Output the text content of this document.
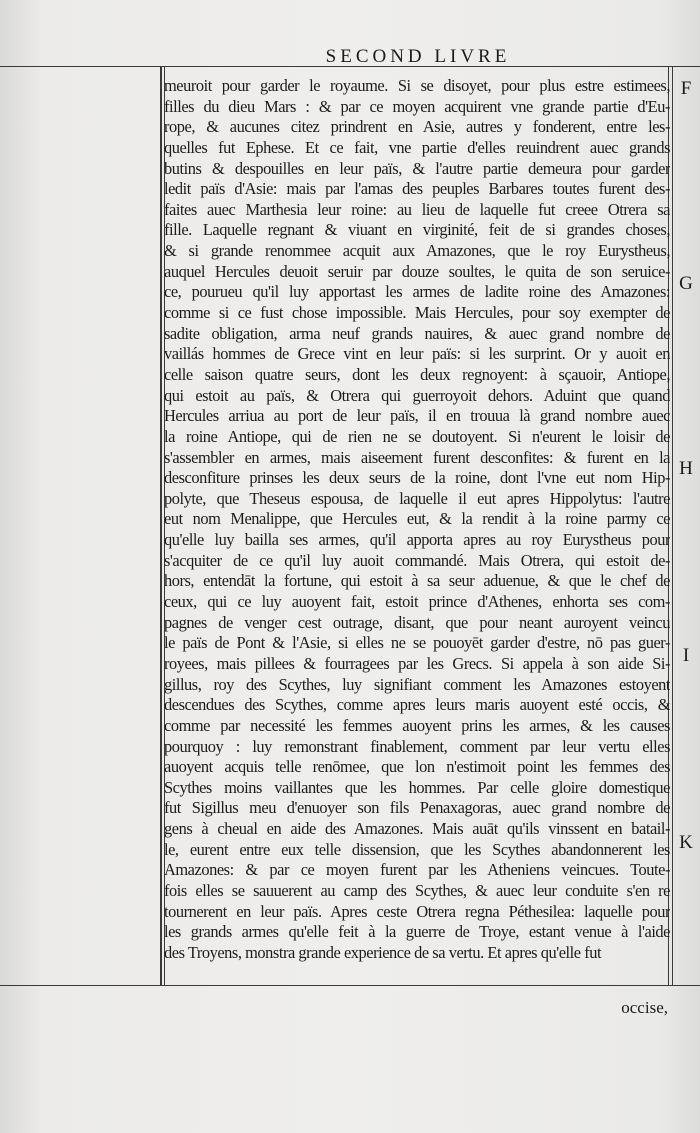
SECOND LIVRE
meuroit pour garder le royaume. Si se disoyet, pour plus estre estimees,
filles du dieu Mars : & par ce moyen acquirent vne grande partie d'Eu-
rope, & aucunes citez prindrent en Asie, autres y fonderent, entre les-
quelles fut Ephese. Et ce fait, vne partie d'elles reuindrent auec grands
butins & despouilles en leur païs, & l'autre partie demeura pour garder
ledit païs d'Asie: mais par l'amas des peuples Barbares toutes furent des-
faites auec Marthesia leur roine: au lieu de laquelle fut creee Otrera sa
fille. Laquelle regnant & viuant en virginité, feit de si grandes choses,
& si grande renommee acquit aux Amazones, que le roy Eurystheus,
auquel Hercules deuoit seruir par douze soultes, le quita de son seruice-
ce, pourueu qu'il luy apportast les armes de ladite roine des Amazones:
comme si ce fust chose impossible. Mais Hercules, pour soy exempter de
sadite obligation, arma neuf grands nauires, & auec grand nombre de
vaillás hommes de Grece vint en leur païs: si les surprint. Or y auoit en
celle saison quatre seurs, dont les deux regnoyent: à sçauoir, Antiope,
qui estoit au païs, & Otrera qui guerroyoit dehors. Aduint que quand
Hercules arriua au port de leur païs, il en trouua là grand nombre auec
la roine Antiope, qui de rien ne se doutoyent. Si n'eurent le loisir de
s'assembler en armes, mais aiseement furent desconfites: & furent en la
desconfiture prinses les deux seurs de la roine, dont l'vne eut nom Hip-
polyte, que Theseus espousa, de laquelle il eut apres Hippolytus: l'autre
eut nom Menalippe, que Hercules eut, & la rendit à la roine parmy ce
qu'elle luy bailla ses armes, qu'il apporta apres au roy Eurystheus pour
s'acquiter de ce qu'il luy auoit commandé. Mais Otrera, qui estoit de-
hors, entendāt la fortune, qui estoit à sa seur aduenue, & que le chef de
ceux, qui ce luy auoyent fait, estoit prince d'Athenes, enhorta ses com-
pagnes de venger cest outrage, disant, que pour neant auroyent veincu
le païs de Pont & l'Asie, si elles ne se pouoyēt garder d'estre, nō pas guer-
royees, mais pillees & fourragees par les Grecs. Si appela à son aide Si-
gillus, roy des Scythes, luy signifiant comment les Amazones estoyent
descendues des Scythes, comme apres leurs maris auoyent esté occis, &
comme par necessité les femmes auoyent prins les armes, & les causes
pourquoy : luy remonstrant finablement, comment par leur vertu elles
auoyent acquis telle renōmee, que lon n'estimoit point les femmes des
Scythes moins vaillantes que les hommes. Par celle gloire domestique
fut Sigillus meu d'enuoyer son fils Penaxagoras, auec grand nombre de
gens à cheual en aide des Amazones. Mais auāt qu'ils vinssent en batail-
le, eurent entre eux telle dissension, que les Scythes abandonnerent les
Amazones: & par ce moyen furent par les Atheniens veincues. Toute-
fois elles se sauuerent au camp des Scythes, & auec leur conduite s'en re
tournerent en leur païs. Apres ceste Otrera regna Péthesilea: laquelle pour
les grands armes qu'elle feit à la guerre de Troye, estant venue à l'aide
des Troyens, monstra grande experience de sa vertu. Et apres qu'elle fut
F
G
H
I
K
occise,
